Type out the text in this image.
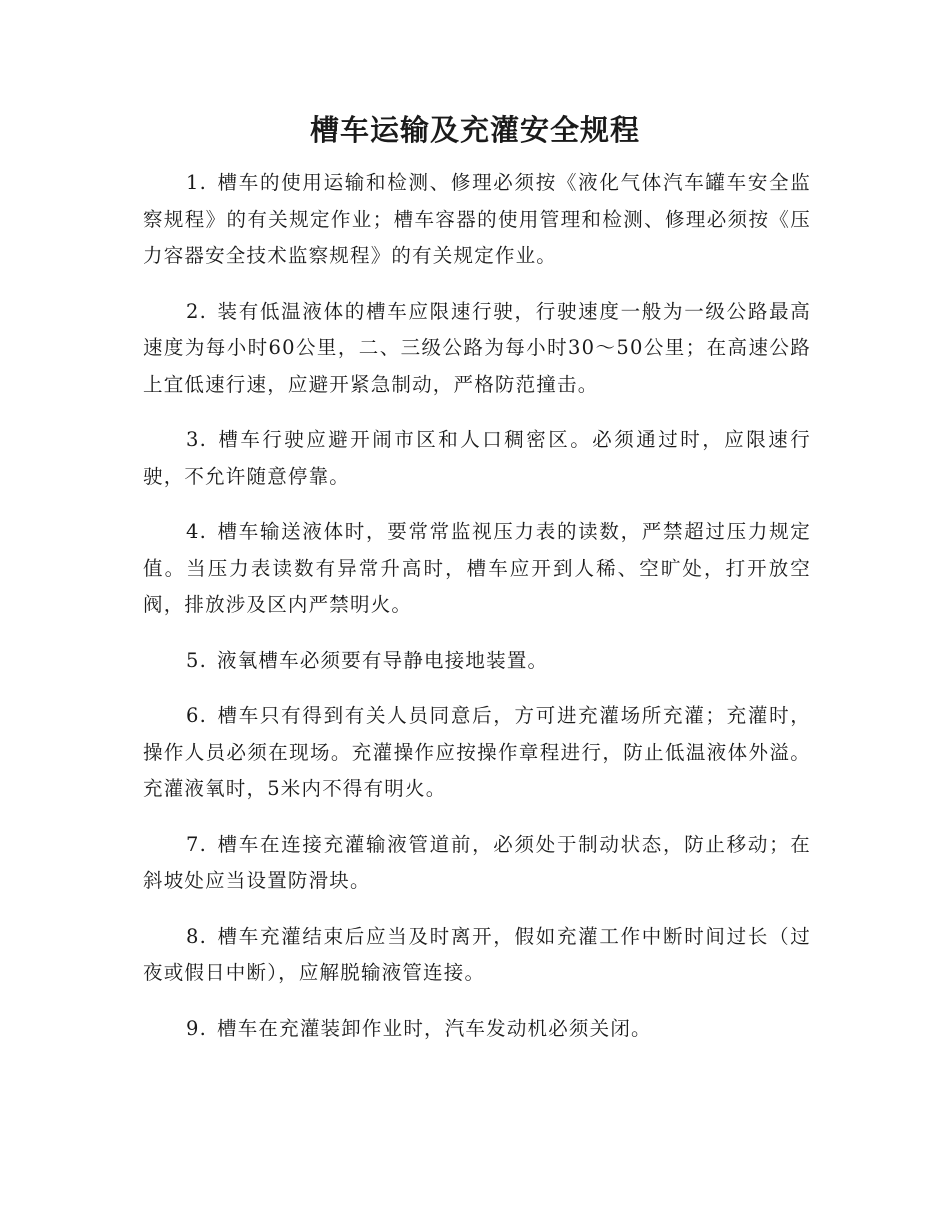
槽车运输及充灌安全规程

1. 槽车的使用运输和检测、修理必须按《液化气体汽车罐车安全监察规程》的有关规定作业；槽车容器的使用管理和检测、修理必须按《压力容器安全技术监察规程》的有关规定作业。

2. 装有低温液体的槽车应限速行驶，行驶速度一般为一级公路最高速度为每小时60公里，二、三级公路为每小时30～50公里；在高速公路上宜低速行速，应避开紧急制动，严格防范撞击。

3. 槽车行驶应避开闹市区和人口稠密区。必须通过时，应限速行驶，不允许随意停靠。

4. 槽车输送液体时，要常常监视压力表的读数，严禁超过压力规定值。当压力表读数有异常升高时，槽车应开到人稀、空旷处，打开放空阀，排放涉及区内严禁明火。

5. 液氧槽车必须要有导静电接地装置。

6. 槽车只有得到有关人员同意后，方可进充灌场所充灌；充灌时，操作人员必须在现场。充灌操作应按操作章程进行，防止低温液体外溢。充灌液氧时，5米内不得有明火。

7. 槽车在连接充灌输液管道前，必须处于制动状态，防止移动；在斜坡处应当设置防滑块。

8. 槽车充灌结束后应当及时离开，假如充灌工作中断时间过长（过夜或假日中断），应解脱输液管连接。

9. 槽车在充灌装卸作业时，汽车发动机必须关闭。
